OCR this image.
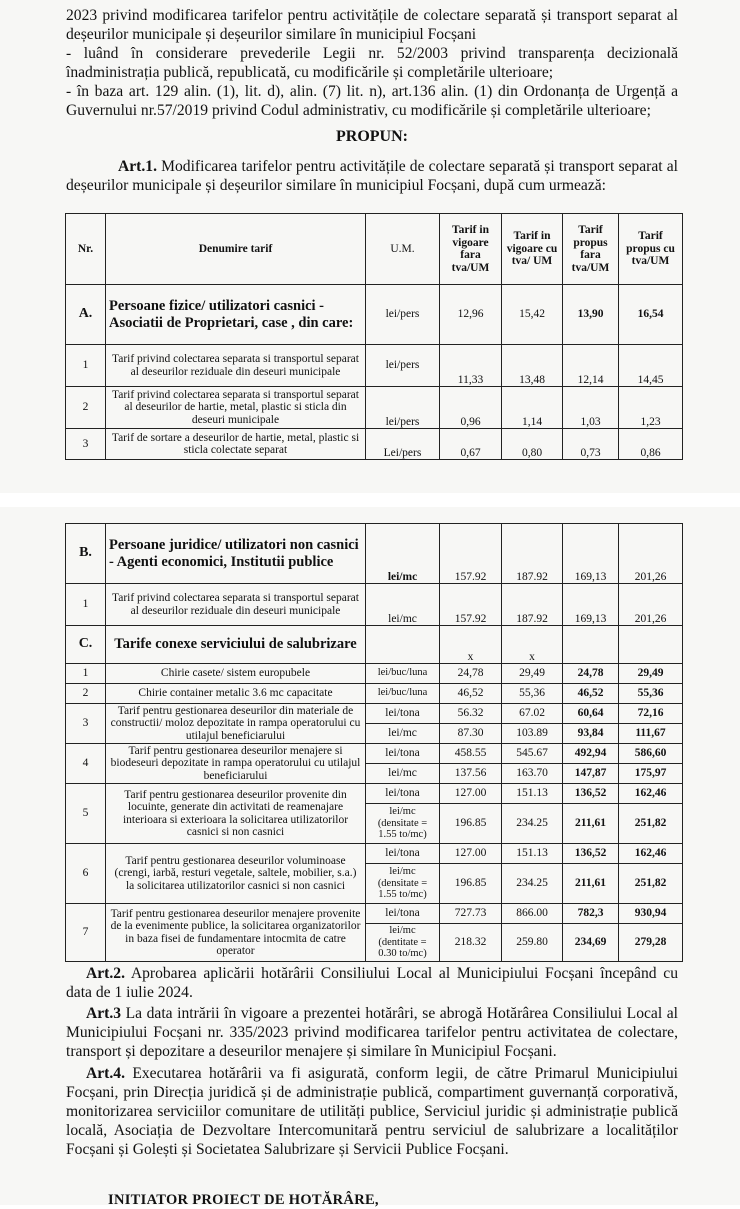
2023 privind modificarea tarifelor pentru activitățile de colectare separată și transport separat al deșeurilor municipale și deșeurilor similare în municipiul Focșani

- luând în considerare prevederile Legii nr. 52/2003 privind transparența decizională înadministrația publică, republicată, cu modificările și completările ulterioare;

- în baza art. 129 alin. (1), lit. d), alin. (7) lit. n), art.136 alin. (1) din Ordonanța de Urgență a Guvernului nr.57/2019 privind Codul administrativ, cu modificările și completările ulterioare;

PROPUN:

Art.1. Modificarea tarifelor pentru activitățile de colectare separată și transport separat al deșeurilor municipale și deșeurilor similare în municipiul Focșani, după cum urmează:

Nr.	Denumire tarif	U.M.	Tarif in vigoare fara tva/UM	Tarif in vigoare cu tva/ UM	Tarif propus fara tva/UM	Tarif propus cu tva/UM
A.	Persoane fizice/ utilizatori casnici - Asociatii de Proprietari, case , din care:	lei/pers	12,96	15,42	13,90	16,54
1	Tarif privind colectarea separata si transportul separat al deseurilor reziduale din deseuri municipale	lei/pers	11,33	13,48	12,14	14,45
2	Tarif privind colectarea separata si transportul separat al deseurilor de hartie, metal, plastic si sticla din deseuri municipale	lei/pers	0,96	1,14	1,03	1,23
3	Tarif de sortare a deseurilor de hartie, metal, plastic si sticla colectate separat	Lei/pers	0,67	0,80	0,73	0,86
B.	Persoane juridice/ utilizatori non casnici - Agenti economici, Institutii publice	lei/mc	157.92	187.92	169,13	201,26
1	Tarif privind colectarea separata si transportul separat al deseurilor reziduale din deseuri municipale	lei/mc	157.92	187.92	169,13	201,26
C.	Tarife conexe serviciului de salubrizare		x	x		
1	Chirie casete/ sistem europubele	lei/buc/luna	24,78	29,49	24,78	29,49
2	Chirie container metalic 3.6 mc capacitate	lei/buc/luna	46,52	55,36	46,52	55,36
3	Tarif pentru gestionarea deseurilor din materiale de constructii/ moloz depozitate in rampa operatorului cu utilajul beneficiarului	lei/tona	56.32	67.02	60,64	72,16
		lei/mc	87.30	103.89	93,84	111,67
4	Tarif pentru gestionarea deseurilor menajere si biodeseuri depozitate in rampa operatorului cu utilajul beneficiarului	lei/tona	458.55	545.67	492,94	586,60
		lei/mc	137.56	163.70	147,87	175,97
5	Tarif pentru gestionarea deseurilor provenite din locuinte, generate din activitati de reamenajare interioara si exterioara la solicitarea utilizatorilor casnici si non casnici	lei/tona	127.00	151.13	136,52	162,46
		lei/mc (densitate = 1.55 to/mc)	196.85	234.25	211,61	251,82
6	Tarif pentru gestionarea deseurilor voluminoase (crengi, iarbă, resturi vegetale, saltele, mobilier, s.a.) la solicitarea utilizatorilor casnici si non casnici	lei/tona	127.00	151.13	136,52	162,46
		lei/mc (densitate = 1.55 to/mc)	196.85	234.25	211,61	251,82
7	Tarif pentru gestionarea deseurilor menajere provenite de la evenimente publice, la solicitarea organizatorilor in baza fisei de fundamentare intocmita de catre operator	lei/tona	727.73	866.00	782,3	930,94
		lei/mc (dentitate = 0.30 to/mc)	218.32	259.80	234,69	279,28

Art.2. Aprobarea aplicării hotărârii Consiliului Local al Municipiului Focșani începând cu data de 1 iulie 2024.

Art.3 La data intrării în vigoare a prezentei hotărâri, se abrogă Hotărârea Consiliului Local al Municipiului Focșani nr. 335/2023 privind modificarea tarifelor pentru activitatea de colectare, transport și depozitare a deseurilor menajere și similare în Municipiul Focșani.

Art.4. Executarea hotărârii va fi asigurată, conform legii, de către Primarul Municipiului Focșani, prin Direcția juridică și de administrație publică, compartiment guvernanță corporativă, monitorizarea serviciilor comunitare de utilități publice, Serviciul juridic și administrație publică locală, Asociația de Dezvoltare Intercomunitară pentru serviciul de salubrizare a localităților Focșani și Golești și Societatea Salubrizare și Servicii Publice Focșani.

INITIATOR PROIECT DE HOTĂRÂRE,
